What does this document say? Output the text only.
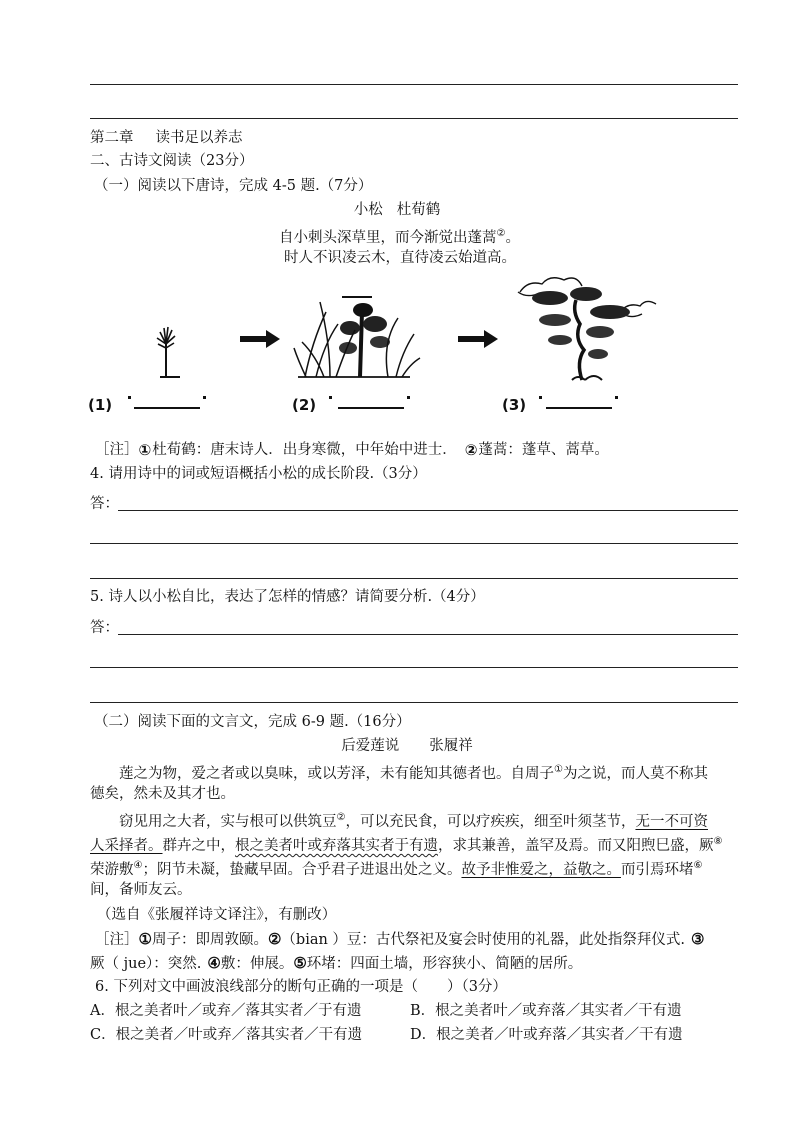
第二章 读书足以养志
二、古诗文阅读（23分）
（一）阅读以下唐诗，完成 4-5 题.（7分）
小松 杜荀鹤
自小刺头深草里，而今渐觉出蓬蒿②。
时人不识凌云木，直待凌云始道高。
(1)	(2)	(3)
［注］①杜荀鹤：唐末诗人．出身寒微，中年始中进士． ②蓬蒿：蓬草、蒿草。
4. 请用诗中的词或短语概括小松的成长阶段.（3分）
答：
5. 诗人以小松自比，表达了怎样的情感？请简要分析.（4分）
答：
（二）阅读下面的文言文，完成 6-9 题.（16分）
后爱莲说 张履祥
莲之为物，爱之者或以臭味，或以芳泽，未有能知其德者也。自周子①为之说，而人莫不称其
德矣，然未及其才也。
窃见用之大者，实与根可以供筑豆②，可以充民食，可以疗疾疾，细至叶须茎节，无一不可资
人采择者。群卉之中，根之美者叶或弃落其实者于有遗，求其兼善，盖罕及焉。而又阳煦巳盛，厥⑧
荣游敷④；阴节未凝，蛰藏早固。合乎君子进退出处之义。故予非惟爱之，益敬之。而引焉环堵⑥
间，备师友云。
（选自《张履祥诗文译注》，有删改）
［注］①周子：即周敦颐。②（bian ）豆：古代祭祀及宴会时使用的礼器，此处指祭拜仪式. ③
厥（ jue）：突然. ④敷：伸展。⑤环堵：四面土墙，形容狭小、简陋的居所。
6. 下列对文中画波浪线部分的断句正确的一项是（　　）（3分）
A．根之美者叶／或弃／落其实者／于有遗	B．根之美者叶／或弃落／其实者／干有遗
C．根之美者／叶或弃／落其实者／干有遗	D．根之美者／叶或弃落／其实者／干有遗
